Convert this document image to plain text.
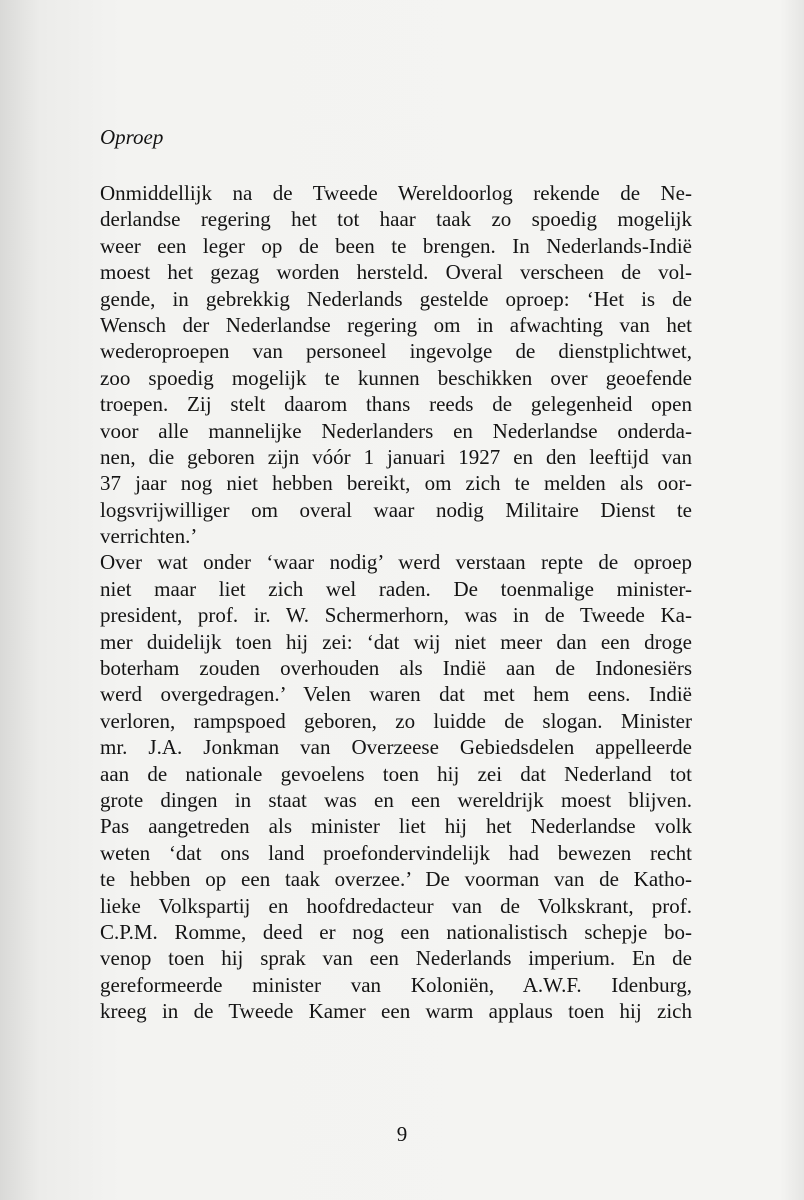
Oproep
Onmiddellijk na de Tweede Wereldoorlog rekende de Ne-
derlandse regering het tot haar taak zo spoedig mogelijk
weer een leger op de been te brengen. In Nederlands-Indië
moest het gezag worden hersteld. Overal verscheen de vol-
gende, in gebrekkig Nederlands gestelde oproep: ‘Het is de
Wensch der Nederlandse regering om in afwachting van het
wederoproepen van personeel ingevolge de dienstplichtwet,
zoo spoedig mogelijk te kunnen beschikken over geoefende
troepen. Zij stelt daarom thans reeds de gelegenheid open
voor alle mannelijke Nederlanders en Nederlandse onderda-
nen, die geboren zijn vóór 1 januari 1927 en den leeftijd van
37 jaar nog niet hebben bereikt, om zich te melden als oor-
logsvrijwilliger om overal waar nodig Militaire Dienst te
verrichten.’
Over wat onder ‘waar nodig’ werd verstaan repte de oproep
niet maar liet zich wel raden. De toenmalige minister-
president, prof. ir. W. Schermerhorn, was in de Tweede Ka-
mer duidelijk toen hij zei: ‘dat wij niet meer dan een droge
boterham zouden overhouden als Indië aan de Indonesiërs
werd overgedragen.’ Velen waren dat met hem eens. Indië
verloren, rampspoed geboren, zo luidde de slogan. Minister
mr. J.A. Jonkman van Overzeese Gebiedsdelen appelleerde
aan de nationale gevoelens toen hij zei dat Nederland tot
grote dingen in staat was en een wereldrijk moest blijven.
Pas aangetreden als minister liet hij het Nederlandse volk
weten ‘dat ons land proefondervindelijk had bewezen recht
te hebben op een taak overzee.’ De voorman van de Katho-
lieke Volkspartij en hoofdredacteur van de Volkskrant, prof.
C.P.M. Romme, deed er nog een nationalistisch schepje bo-
venop toen hij sprak van een Nederlands imperium. En de
gereformeerde minister van Koloniën, A.W.F. Idenburg,
kreeg in de Tweede Kamer een warm applaus toen hij zich
9
